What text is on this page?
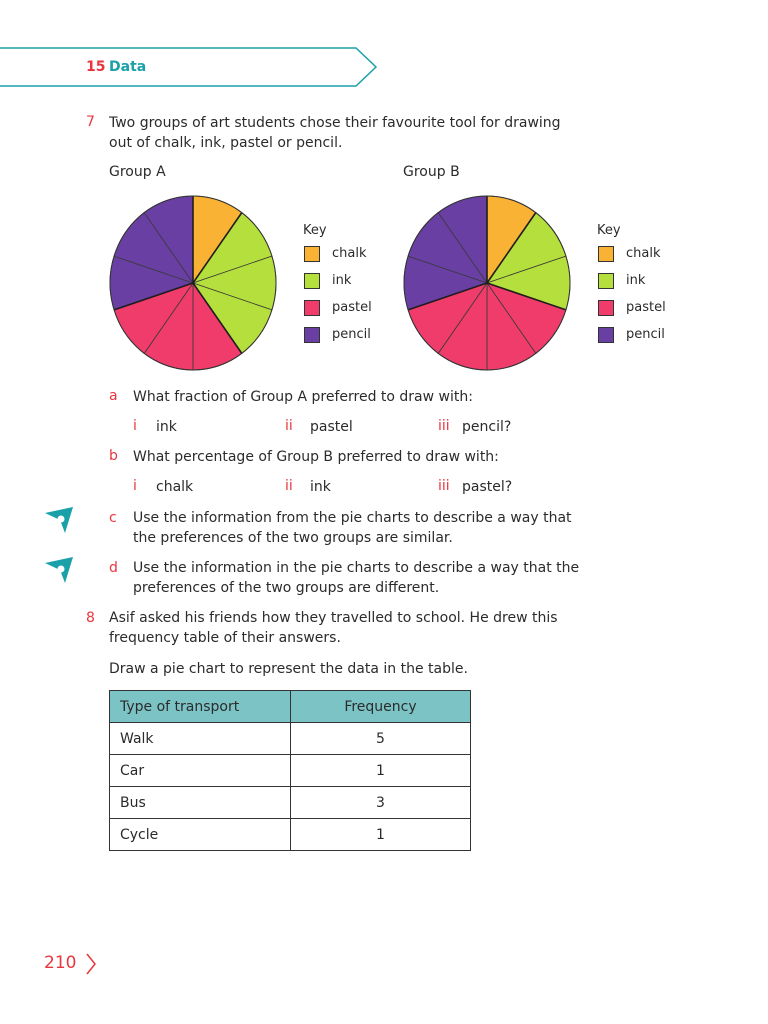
15 Data
7 Two groups of art students chose their favourite tool for drawing
out of chalk, ink, pastel or pencil.
Group A	Group B
Key
chalk
ink
pastel
pencil
Key
chalk
ink
pastel
pencil
a What fraction of Group A preferred to draw with:
i ink	ii pastel	iii pencil?
b What percentage of Group B preferred to draw with:
i chalk	ii ink	iii pastel?
c Use the information from the pie charts to describe a way that
the preferences of the two groups are similar.
d Use the information in the pie charts to describe a way that the
preferences of the two groups are different.
8 Asif asked his friends how they travelled to school. He drew this
frequency table of their answers.
Draw a pie chart to represent the data in the table.
Type of transport	Frequency
Walk	5
Car	1
Bus	3
Cycle	1
210
